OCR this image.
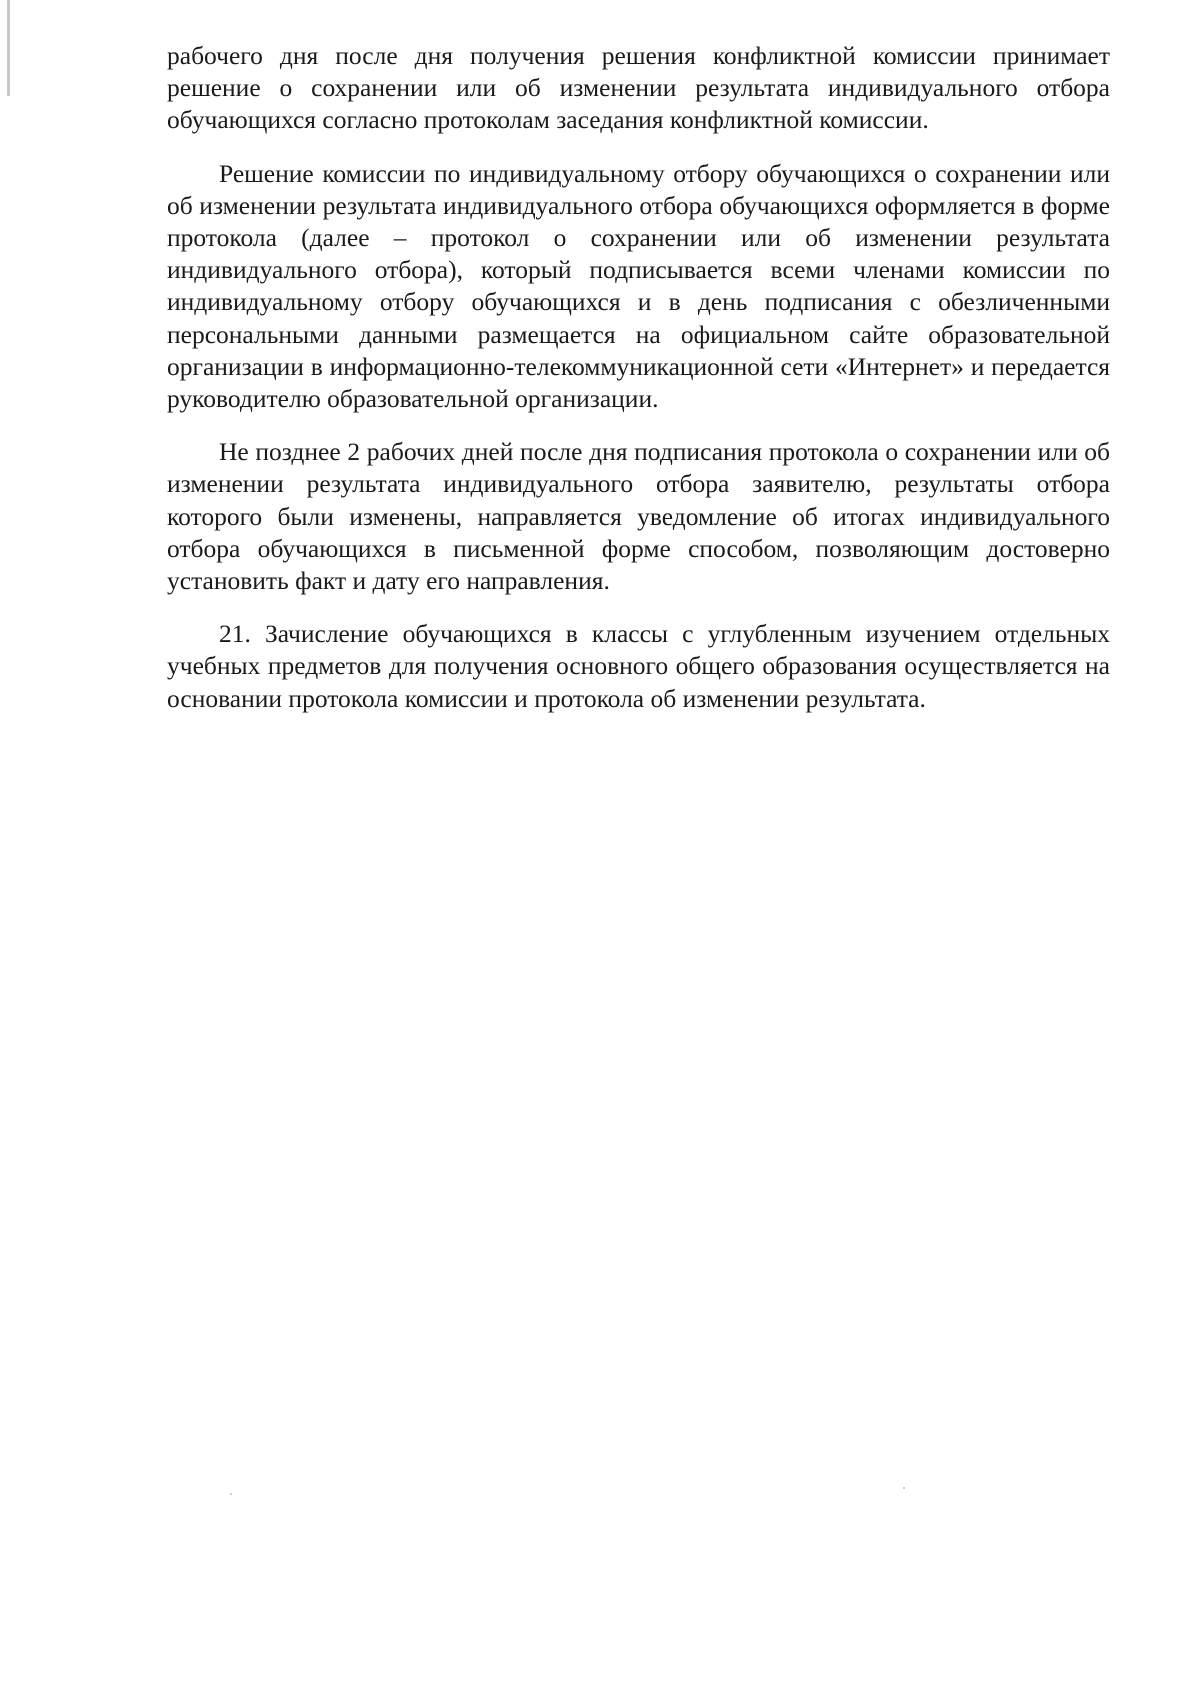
рабочего дня после дня получения решения конфликтной комиссии принимает решение о сохранении или об изменении результата индивидуального отбора обучающихся согласно протоколам заседания конфликтной комиссии.

Решение комиссии по индивидуальному отбору обучающихся о сохранении или об изменении результата индивидуального отбора обучающихся оформляется в форме протокола (далее – протокол о сохранении или об изменении результата индивидуального отбора), который подписывается всеми членами комиссии по индивидуальному отбору обучающихся и в день подписания с обезличенными персональными данными размещается на официальном сайте образовательной организации в информационно-телекоммуникационной сети «Интернет» и передается руководителю образовательной организации.

Не позднее 2 рабочих дней после дня подписания протокола о сохранении или об изменении результата индивидуального отбора заявителю, результаты отбора которого были изменены, направляется уведомление об итогах индивидуального отбора обучающихся в письменной форме способом, позволяющим достоверно установить факт и дату его направления.

21. Зачисление обучающихся в классы с углубленным изучением отдельных учебных предметов для получения основного общего образования осуществляется на основании протокола комиссии и протокола об изменении результата.
